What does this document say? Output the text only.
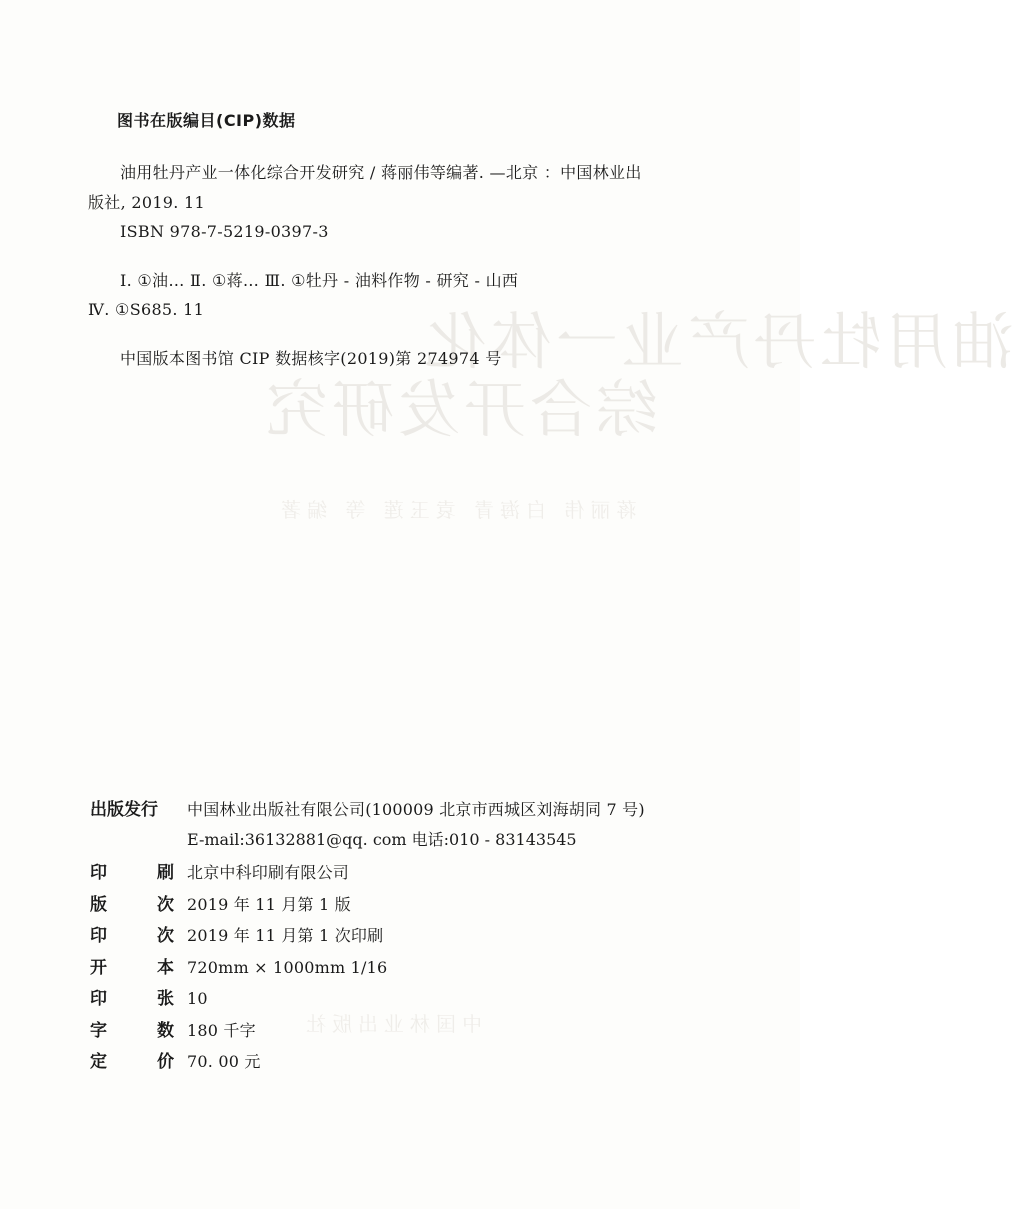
油用牡丹产业一体化
综合开发研究
蒋丽伟 白海青 袁玉莲 等 编著
中国林业出版社
图书在版编目(CIP)数据
油用牡丹产业一体化综合开发研究 / 蒋丽伟等编著. —北京 ：中国林业出
版社, 2019. 11
ISBN 978-7-5219-0397-3
Ⅰ. ①油… Ⅱ. ①蒋… Ⅲ. ①牡丹 - 油料作物 - 研究 - 山西
Ⅳ. ①S685. 11
中国版本图书馆 CIP 数据核字(2019)第 274974 号
出版发行	中国林业出版社有限公司(100009 北京市西城区刘海胡同 7 号)
E-mail:36132881@qq. com 电话:010 - 83143545
印	刷 北京中科印刷有限公司
版	次 2019 年 11 月第 1 版
印	次 2019 年 11 月第 1 次印刷
开	本 720mm × 1000mm 1/16
印	张 10
字	数 180 千字
定	价 70. 00 元
